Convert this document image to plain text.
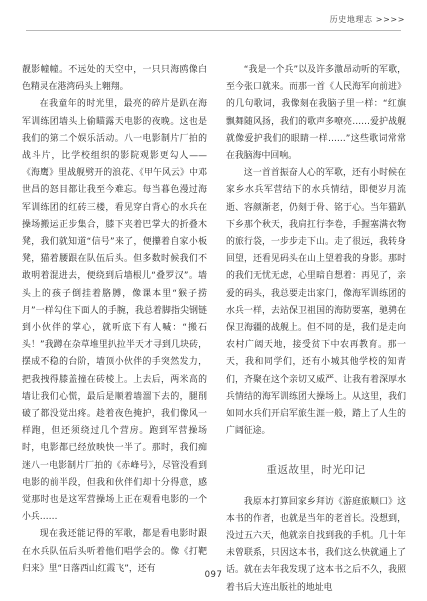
历史地理志 >>>>

靓影幢幢。不远处的天空中，一只只海鸥像白色精灵在港湾码头上翱翔。

在我童年的时光里，最亮的碎片是趴在海军训练团墙头上偷瞄露天电影的夜晚。这也是我们的第二个娱乐活动。八一电影制片厂拍的战斗片，比学校组织的影院观影更勾人——《海鹰》里战舰劈开的浪花、《甲午风云》中邓世昌的怒目都让我至今难忘。每当暮色漫过海军训练团的红砖三楼，看见穿白背心的水兵在操场搬运正步集合，膝下夹着巴掌大的折叠木凳，我们就知道“信号”来了，便攥着自家小板凳，猫着腰跟在队伍后头。但多数时候我们不敢明着混进去，便绕到后墙根儿“叠罗汉”。墙头上的孩子倒挂着胳膊，像课本里“猴子捞月”一样勾住下面人的手腕，我总着脚指尖钢链到小伙伴的掌心，就听底下有人喊：“搬石头！”我蹲在杂草堆里扒拉半天才寻到几块砖，摆成不稳的台阶，墙顶小伙伴的手突然发力，把我拽得膝盖撞在砖棱上。上去后，两米高的墙让我们心慌，最后是顺着墙溜下去的，腿削破了都没觉出疼。趁着夜色掩护，我们像风一样跑，但还须绕过几个营房。跑到军营操场时，电影都已经放映快一半了。那时，我们痴迷八一电影制片厂拍的《赤峰号》，尽管没看到电影的前半段，但我和伙伴们却十分得意，感觉那时也是这军营操场上正在观看电影的一个小兵……

现在我还能记得的军歌，都是看电影时跟在水兵队伍后头听着他们唱学会的。像《打靶归来》里“日落西山红霞飞”，还有

“我是一个兵”以及许多激昂动听的军歌，至今张口就来。而那一首《人民海军向前进》的几句歌词，我像刻在我脑子里一样：“红旗飘舞随风扬，我们的歌声多嘹亮……爱护战舰就像爱护我们的眼睛一样……”这些歌词常常在我脑海中回响。

这一首首振奋人心的军歌，还有小时候在家乡水兵军营结下的水兵情结，即便岁月流逝、容颜渐老，仍刻于骨、铭于心。当年猫趴下乡那个秋天，我肩扛行李卷，手握塞满衣物的旅行袋，一步步走下山。走了很远，我转身回望，还看见码头在山上望着我的身影。那时的我们无忧无虑，心里暗自想着：再见了，亲爱的码头，我总要走出家门，像海军训练团的水兵一样，去站保卫祖国的海防要塞，驰骋在保卫海疆的战舰上。但不同的是，我们是走向农村广阔天地，接受贫下中农再教育。那一天，我和同学们，还有小城其他学校的知青们，齐聚在这个亲切又威严、让我有着深厚水兵情结的海军训练团大操场上。从这里，我们如同水兵们开启军旅生涯一般，踏上了人生的广阔征途。

重返故里，时光印记

我原本打算回家乡拜访《游庭旅顺口》这本书的作者，也就是当年的老首长。没想到，没过五六天，他就亲自找到我的手机。几十年未曾联系，只因这本书，我们这么快就通上了话。就在去年我发现了这本书之后不久，我照着书后大连出版社的地址电

097
